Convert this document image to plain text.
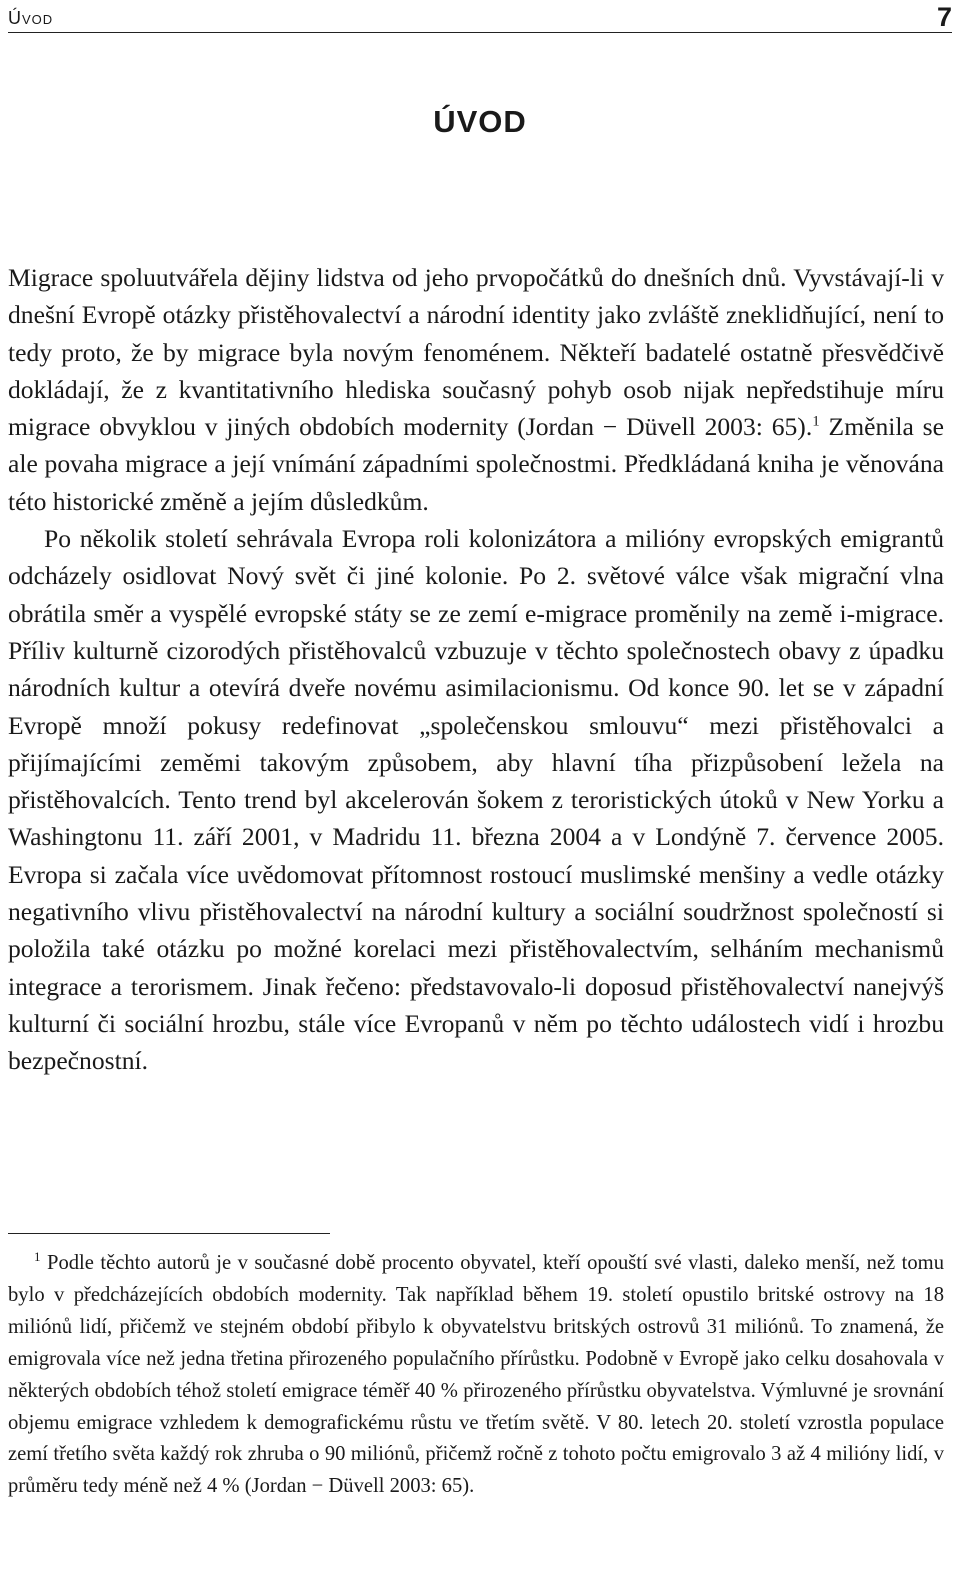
Úvod	7
ÚVOD

Migrace spoluutvářela dějiny lidstva od jeho prvopočátků do dnešních dnů. Vyvstávají-li v dnešní Evropě otázky přistěhovalectví a národní identity jako zvláště zneklidňující, není to tedy proto, že by migrace byla novým fenoménem. Někteří badatelé ostatně přesvědčivě dokládají, že z kvantitativního hlediska současný pohyb osob nijak nepředstihuje míru migrace obvyklou v jiných obdobích modernity (Jordan − Düvell 2003: 65).$^1$ Změnila se ale povaha migrace a její vnímání západními společnostmi. Předkládaná kniha je věnována této historické změně a jejím důsledkům.

Po několik století sehrávala Evropa roli kolonizátora a milióny evropských emigrantů odcházely osidlovat Nový svět či jiné kolonie. Po 2. světové válce však migrační vlna obrátila směr a vyspělé evropské státy se ze zemí e-migrace proměnily na země i-migrace. Příliv kulturně cizorodých přistěhovalců vzbuzuje v těchto společnostech obavy z úpadku národních kultur a otevírá dveře novému asimilacionismu. Od konce 90. let se v západní Evropě množí pokusy redefinovat „společenskou smlouvu“ mezi přistěhovalci a přijímajícími zeměmi takovým způsobem, aby hlavní tíha přizpůsobení ležela na přistěhovalcích. Tento trend byl akcelerován šokem z teroristických útoků v New Yorku a Washingtonu 11. září 2001, v Madridu 11. března 2004 a v Londýně 7. července 2005. Evropa si začala více uvědomovat přítomnost rostoucí muslimské menšiny a vedle otázky negativního vlivu přistěhovalectví na národní kultury a sociální soudržnost společností si položila také otázku po možné korelaci mezi přistěhovalectvím, selháním mechanismů integrace a terorismem. Jinak řečeno: představovalo-li doposud přistěhovalectví nanejvýš kulturní či sociální hrozbu, stále více Evropanů v něm po těchto událostech vidí i hrozbu bezpečnostní.

$^1$ Podle těchto autorů je v současné době procento obyvatel, kteří opouští své vlasti, daleko menší, než tomu bylo v předcházejících obdobích modernity. Tak například během 19. století opustilo britské ostrovy na 18 miliónů lidí, přičemž ve stejném období přibylo k obyvatelstvu britských ostrovů 31 miliónů. To znamená, že emigrovala více než jedna třetina přirozeného populačního přírůstku. Podobně v Evropě jako celku dosahovala v některých obdobích téhož století emigrace téměř 40 % přirozeného přírůstku obyvatelstva. Výmluvné je srovnání objemu emigrace vzhledem k demografickému růstu ve třetím světě. V 80. letech 20. století vzrostla populace zemí třetího světa každý rok zhruba o 90 miliónů, přičemž ročně z tohoto počtu emigrovalo 3 až 4 milióny lidí, v průměru tedy méně než 4 % (Jordan − Düvell 2003: 65).
